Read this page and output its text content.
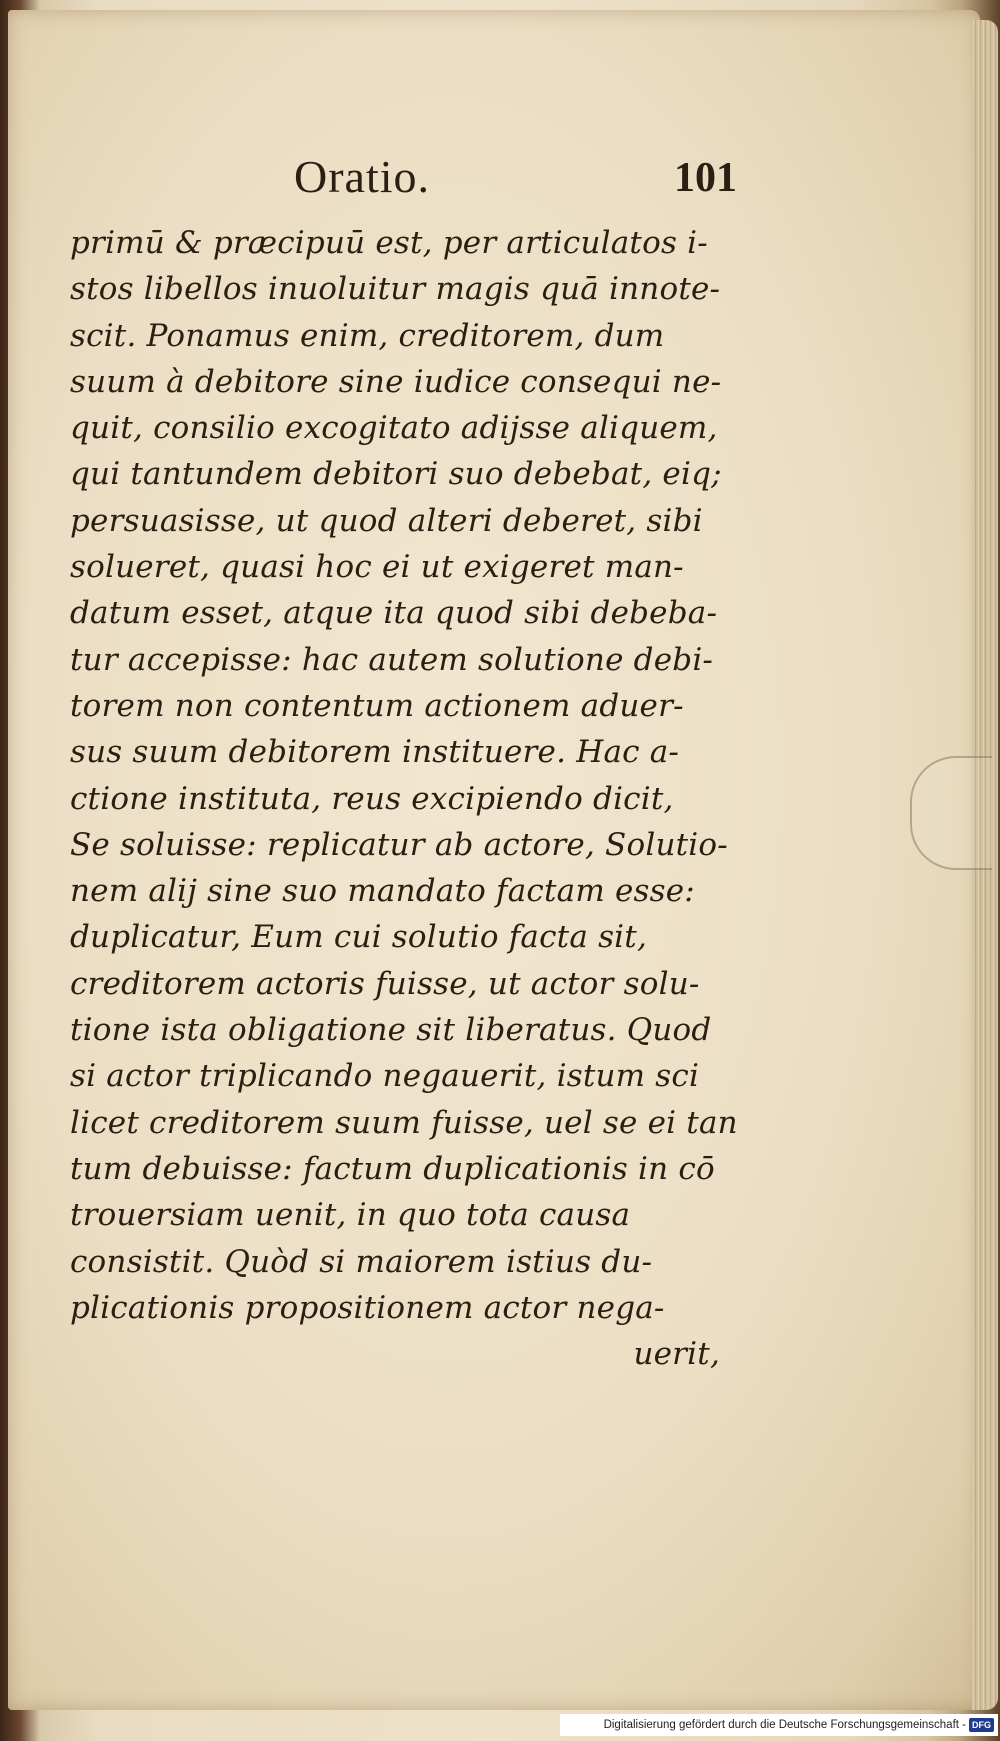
Oratio.	101
primū & præcipuū est, per articulatos i-
stos libellos inuoluitur magis quā innote-
scit. Ponamus enim, creditorem, dum
suum à debitore sine iudice consequi ne-
quit, consilio excogitato adijsse aliquem,
qui tantundem debitori suo debebat, eiq;
persuasisse, ut quod alteri deberet, sibi
solueret, quasi hoc ei ut exigeret man-
datum esset, atque ita quod sibi debeba-
tur accepisse: hac autem solutione debi-
torem non contentum actionem aduer-
sus suum debitorem instituere. Hac a-
ctione instituta, reus excipiendo dicit,
Se soluisse: replicatur ab actore, Solutio-
nem alij sine suo mandato factam esse:
duplicatur, Eum cui solutio facta sit,
creditorem actoris fuisse, ut actor solu-
tione ista obligatione sit liberatus. Quod
si actor triplicando negauerit, istum sci
licet creditorem suum fuisse, uel se ei tan
tum debuisse: factum duplicationis in cō
trouersiam uenit, in quo tota causa
consistit. Quòd si maiorem istius du-
plicationis propositionem actor nega-
uerit,
Digitalisierung gefördert durch die Deutsche Forschungsgemeinschaft - DFG
